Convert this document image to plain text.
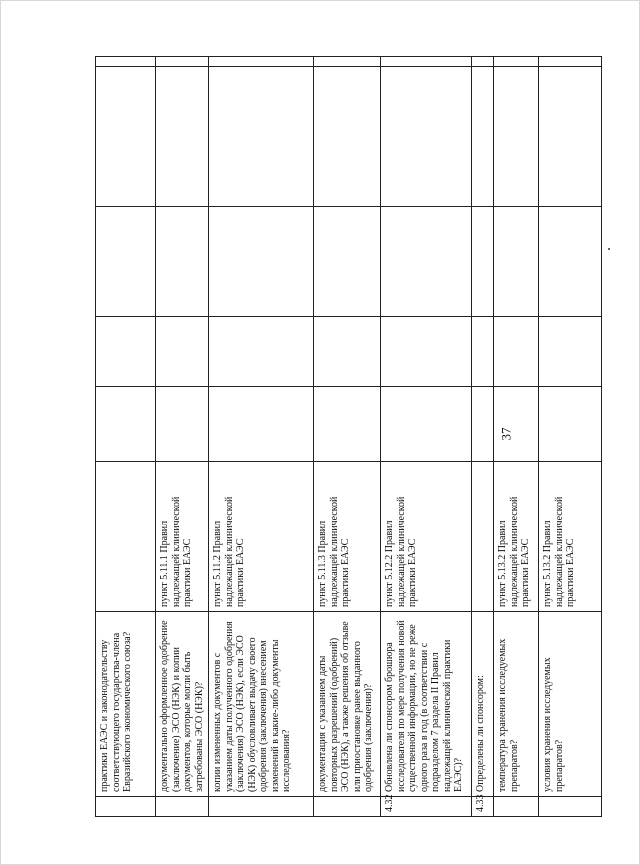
37
	практики ЕАЭС и законодательству соответствующего государства-члена Евразийского экономического союза?						
	документально оформленное одобрение (заключение) ЭСО (НЭК) и копии документов, которые могли быть затребованы ЭСО (НЭК)?	пункт 5.11.1 Правил надлежащей клинической практики ЕАЭС					
	копии измененных документов с указанием даты полученного одобрения (заключения) ЭСО (НЭК), если ЭСО (НЭК) обусловливает выдачу своего одобрения (заключения) внесением изменений в какие-либо документы исследования?	пункт 5.11.2 Правил надлежащей клинической практики ЕАЭС					
	документация с указанием даты повторных разрешений (одобрений) ЭСО (НЭК), а также решения об отзыве или приостановке ранее выданного одобрения (заключения)?	пункт 5.11.3 Правил надлежащей клинической практики ЕАЭС					
4.32	Обновлена ли спонсором брошюра исследователя по мере получения новой существенной информации, но не реже одного раза в год (в соответствии с подразделом 7 раздела II Правил надлежащей клинической практики ЕАЭС)?	пункт 5.12.2 Правил надлежащей клинической практики ЕАЭС					
4.33	Определены ли спонсором:						
	температура хранения исследуемых препаратов?	пункт 5.13.2 Правил надлежащей клинической практики ЕАЭС					
	условия хранения исследуемых препаратов?	пункт 5.13.2 Правил надлежащей клинической практики ЕАЭС					
